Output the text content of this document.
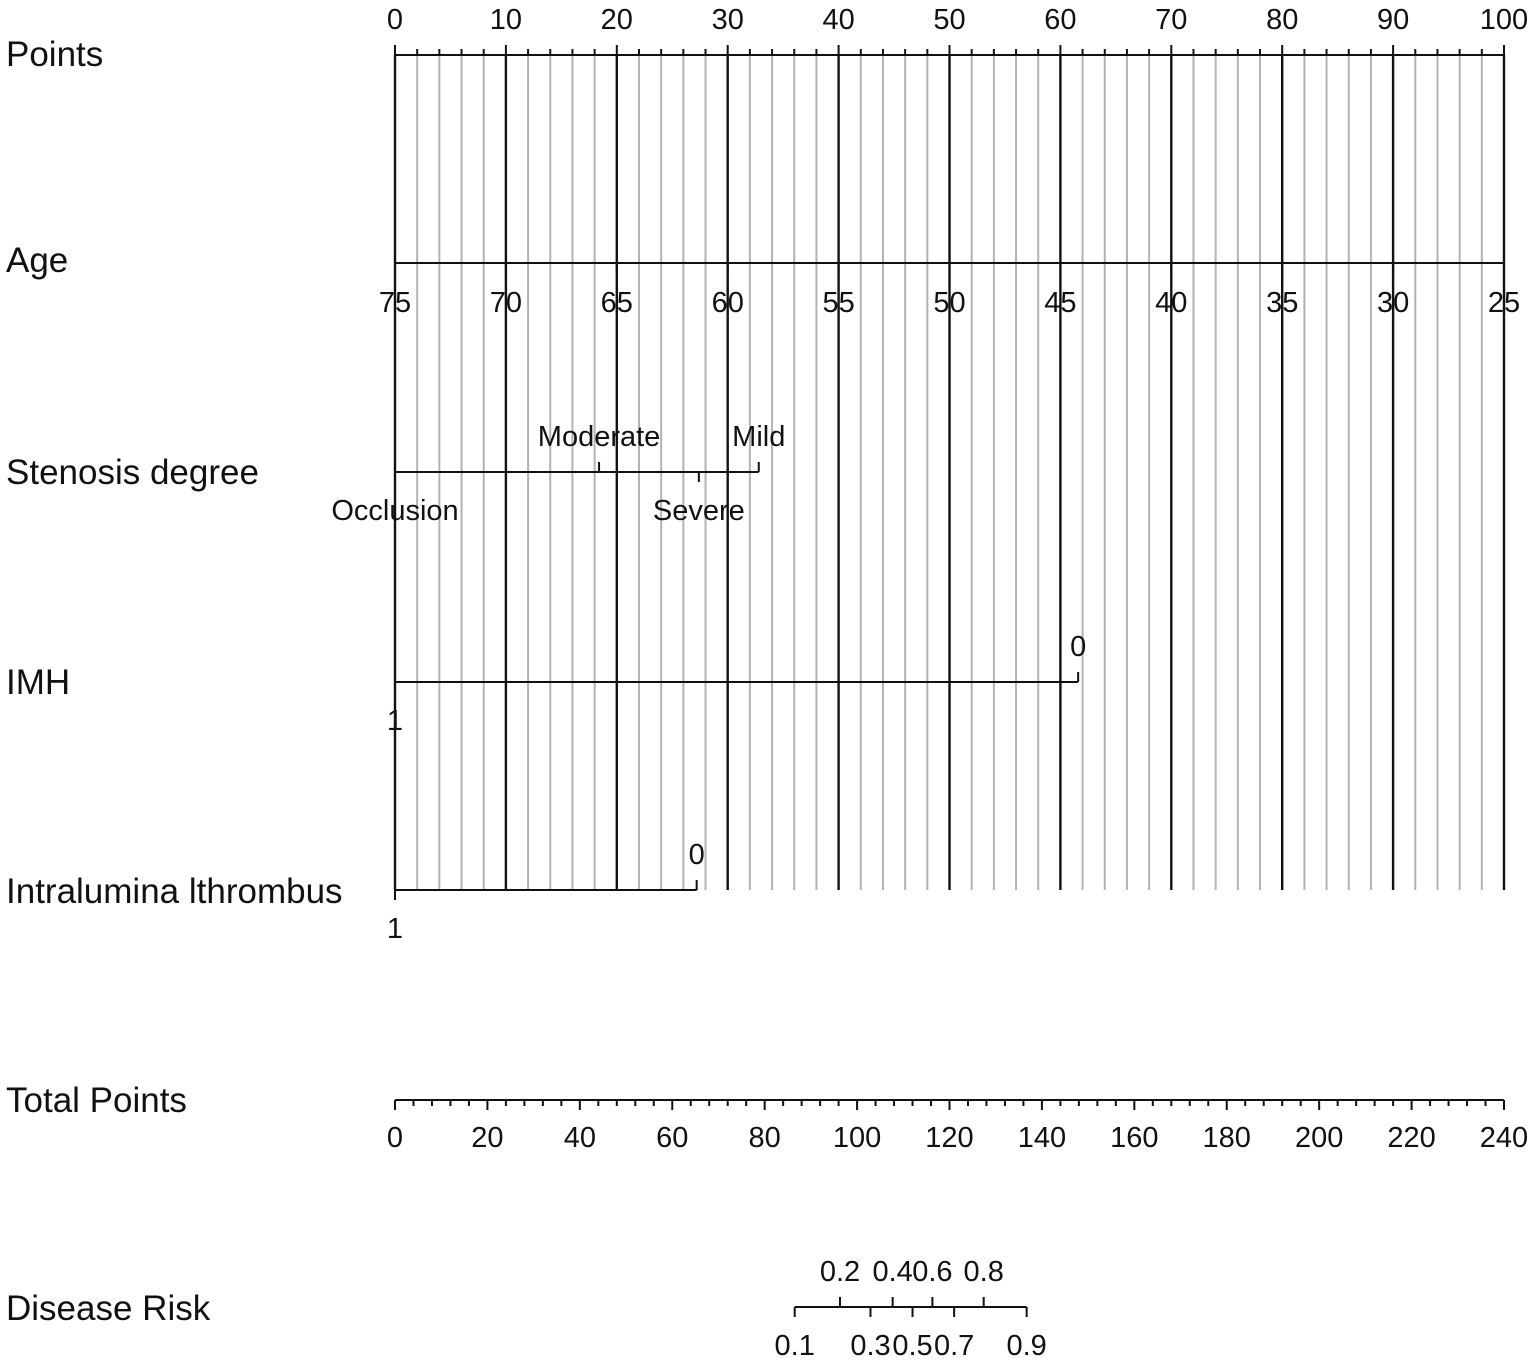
0	10	20	30	40	50	60	70	80	90 100
75	70	65	60	55	50	45	40	35	30	25
Occlusion
Moderate
Severe
Mild
1
0
1
0
0 20 40 60 80 100 120 140 160 180 200 220 240
0.1
0.2
0.3
0.4
0.5
0.6
0.7
0.8
0.9
Points
Age
Stenosis degree
IMH
Intralumina lthrombus
Total Points
Disease Risk
